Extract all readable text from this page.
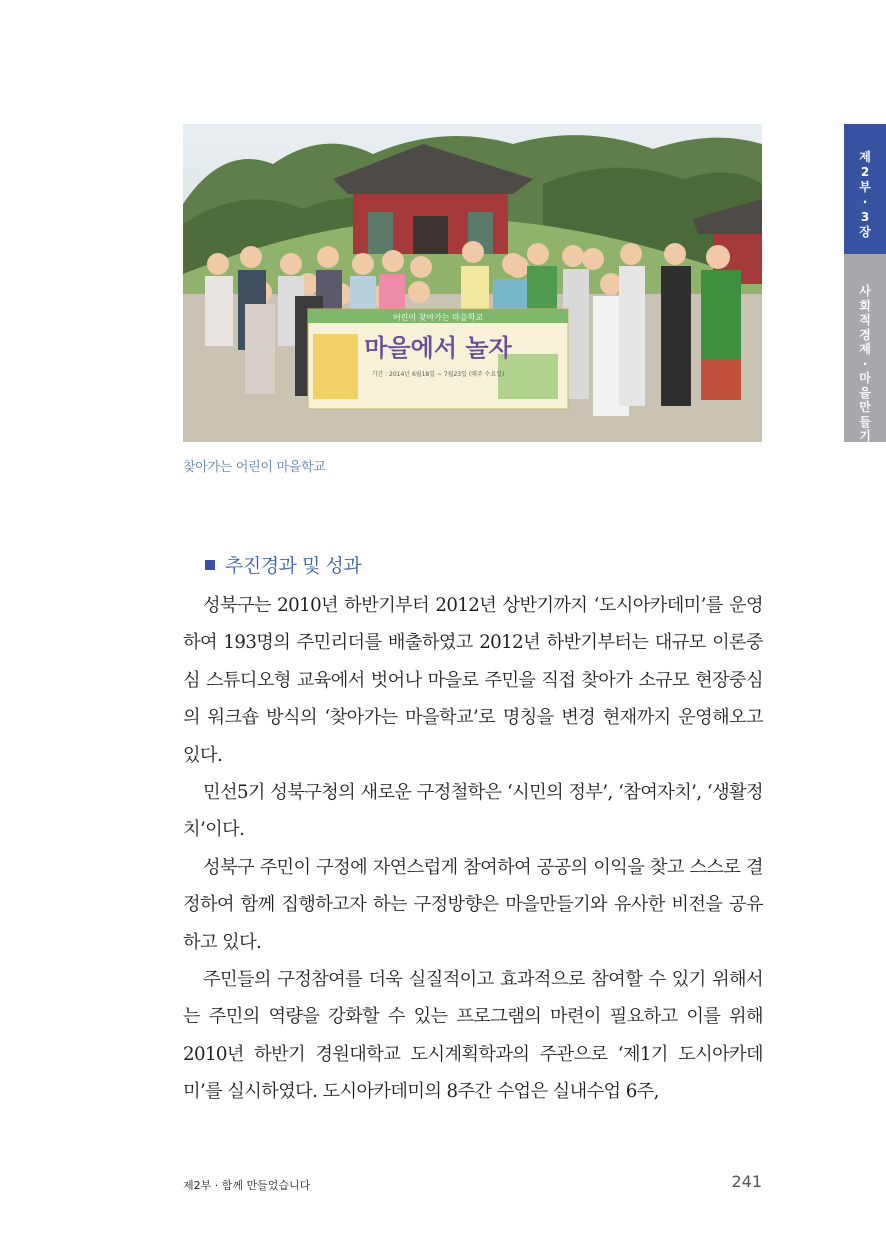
어린이 찾아가는 마을학교
마을에서 놀자
기간 : 2014년 6월18일 ~ 7월23일 (매주 수요일)
찾아가는 어린이 마을학교
제
2
부
·
3
장
사
회
적
경
제
·
마
을
만
들
기
추진경과 및 성과

성북구는 2010년 하반기부터 2012년 상반기까지 ‘도시아카데미’를 운영하여 193명의 주민리더를 배출하였고 2012년 하반기부터는 대규모 이론중심 스튜디오형 교육에서 벗어나 마을로 주민을 직접 찾아가 소규모 현장중심의 워크숍 방식의 ‘찾아가는 마을학교’로 명칭을 변경 현재까지 운영해오고 있다.

민선5기 성북구청의 새로운 구정철학은 ‘시민의 정부’, ‘참여자치’, ‘생활정치’이다.

성북구 주민이 구정에 자연스럽게 참여하여 공공의 이익을 찾고 스스로 결정하여 함께 집행하고자 하는 구정방향은 마을만들기와 유사한 비전을 공유하고 있다.

주민들의 구정참여를 더욱 실질적이고 효과적으로 참여할 수 있기 위해서는 주민의 역량을 강화할 수 있는 프로그램의 마련이 필요하고 이를 위해 2010년 하반기 경원대학교 도시계획학과의 주관으로 ‘제1기 도시아카데미’를 실시하였다. 도시아카데미의 8주간 수업은 실내수업 6주,

제2부 · 함께 만들었습니다	241
